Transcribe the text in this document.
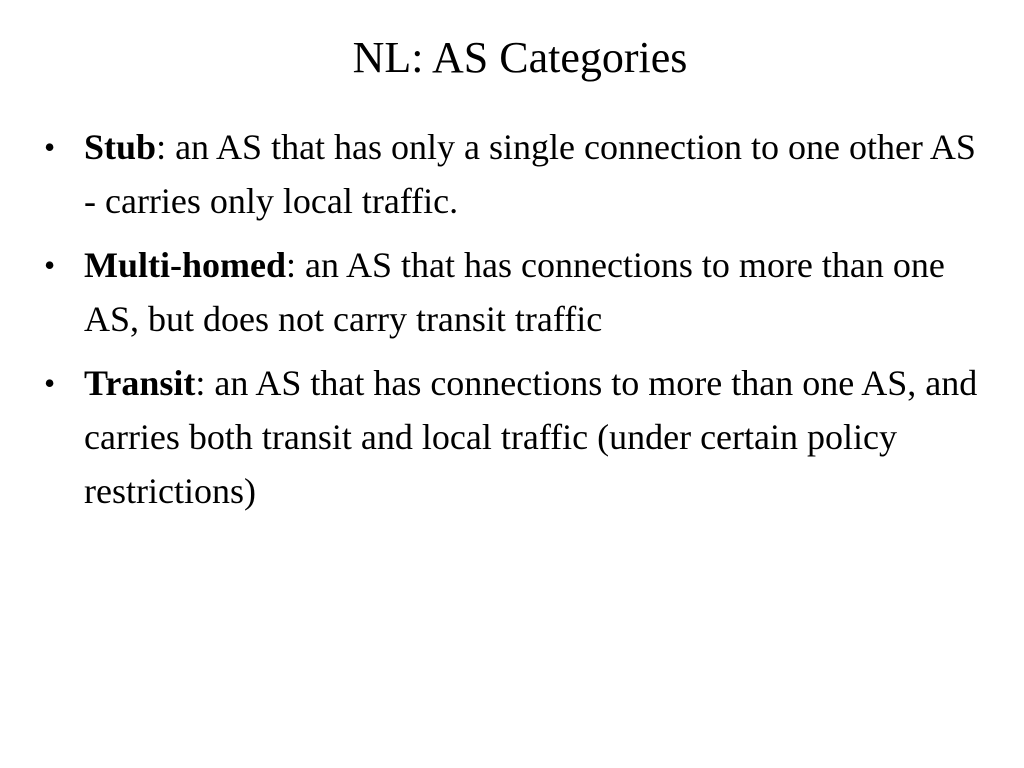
NL: AS Categories
• Stub: an AS that has only a single connection to one other AS - carries only local traffic.
• Multi-homed: an AS that has connections to more than one AS, but does not carry transit traffic
• Transit: an AS that has connections to more than one AS, and carries both transit and local traffic (under certain policy restrictions)
